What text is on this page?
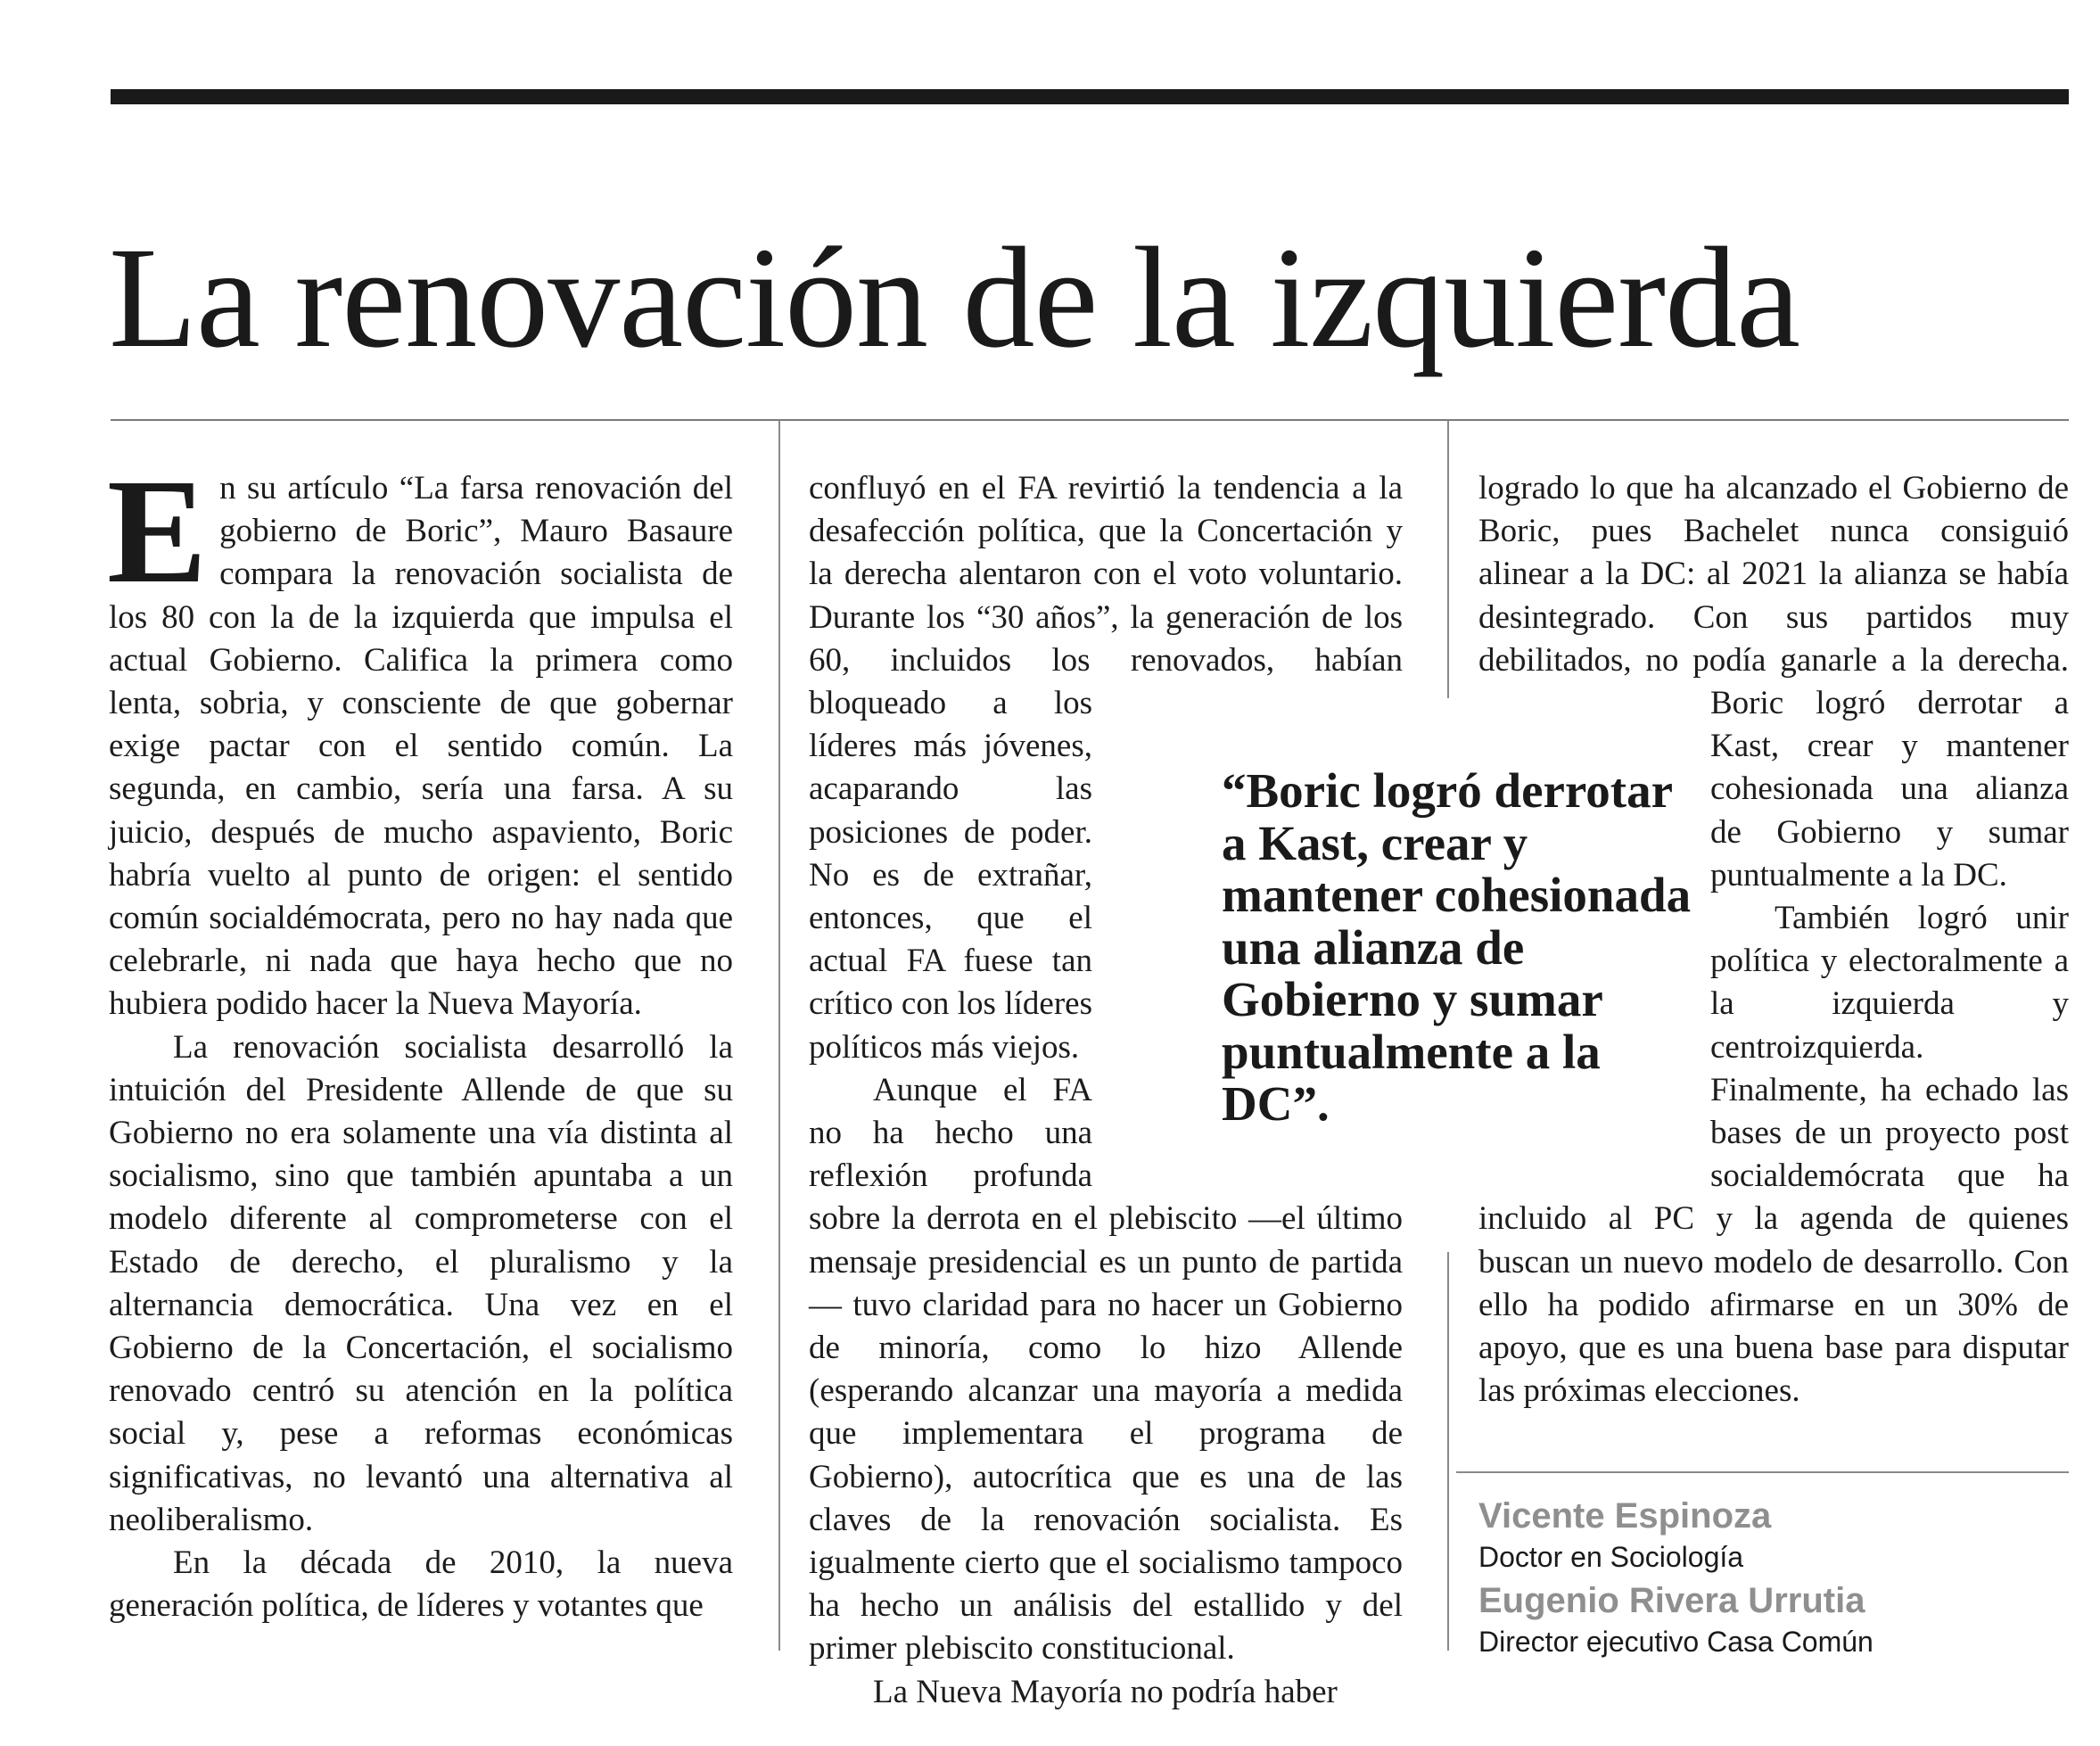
La renovación de la izquierda

En su artículo “La farsa renovación del gobierno de Boric”, Mauro Basaure compara la renovación socialista de los 80 con la de la izquierda que impulsa el actual Gobierno. Califica la primera como lenta, sobria, y consciente de que gobernar exige pactar con el sentido común. La segunda, en cambio, sería una farsa. A su juicio, después de mucho aspaviento, Boric habría vuelto al punto de origen: el sentido común socialdémocrata, pero no hay nada que celebrarle, ni nada que haya hecho que no hubiera podido hacer la Nueva Mayoría.

La renovación socialista desarrolló la intuición del Presidente Allende de que su Gobierno no era solamente una vía distinta al socialismo, sino que también apuntaba a un modelo diferente al comprometerse con el Estado de derecho, el pluralismo y la alternancia democrática. Una vez en el Gobierno de la Concertación, el socialismo renovado centró su atención en la política social y, pese a reformas económicas significativas, no levantó una alternativa al neoliberalismo.

En la década de 2010, la nueva generación política, de líderes y votantes que

confluyó en el FA revirtió la tendencia a la desafección política, que la Concertación y la derecha alentaron con el voto voluntario. Durante los “30 años”, la generación de los 60, incluidos los renovados, habían bloqueado a los líderes más jóvenes, acaparando las posiciones de poder. No es de extrañar, entonces, que el actual FA fuese tan crítico con los líderes políticos más viejos.

Aunque el FA no ha hecho una reflexión profunda sobre la derrota en el plebiscito —el último mensaje presidencial es un punto de partida— tuvo claridad para no hacer un Gobierno de minoría, como lo hizo Allende (esperando alcanzar una mayoría a medida que implementara el programa de Gobierno), autocrítica que es una de las claves de la renovación socialista. Es igualmente cierto que el socialismo tampoco ha hecho un análisis del estallido y del primer plebiscito constitucional.

La Nueva Mayoría no podría haber

“Boric logró derrotar a Kast, crear y mantener cohesionada una alianza de Gobierno y sumar puntualmente a la DC”.

logrado lo que ha alcanzado el Gobierno de Boric, pues Bachelet nunca consiguió alinear a la DC: al 2021 la alianza se había desintegrado. Con sus partidos muy debilitados, no podía ganarle a la derecha. Boric logró derrotar a Kast, crear y mantener cohesionada una alianza de Gobierno y sumar puntualmente a la DC.

También logró unir política y electoralmente a la izquierda y centroizquierda. Finalmente, ha echado las bases de un proyecto post socialdemócrata que ha incluido al PC y la agenda de quienes buscan un nuevo modelo de desarrollo. Con ello ha podido afirmarse en un 30% de apoyo, que es una buena base para disputar las próximas elecciones.

Vicente Espinoza

Doctor en Sociología

Eugenio Rivera Urrutia

Director ejecutivo Casa Común
